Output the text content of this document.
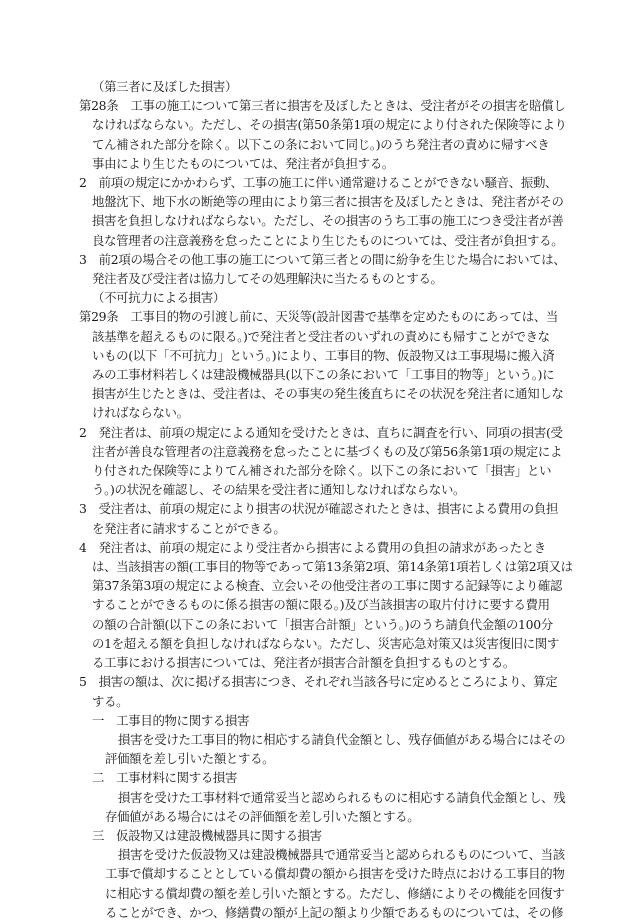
（第三者に及ぼした損害）
第28条　工事の施工について第三者に損害を及ぼしたときは、受注者がその損害を賠償し
なければならない。ただし、その損害(第50条第1項の規定により付された保険等により
てん補された部分を除く。以下この条において同じ。)のうち発注者の責めに帰すべき
事由により生じたものについては、発注者が負担する。
2　前項の規定にかかわらず、工事の施工に伴い通常避けることができない騒音、振動、
地盤沈下、地下水の断絶等の理由により第三者に損害を及ぼしたときは、発注者がその
損害を負担しなければならない。ただし、その損害のうち工事の施工につき受注者が善
良な管理者の注意義務を怠ったことにより生じたものについては、受注者が負担する。
3　前2項の場合その他工事の施工について第三者との間に紛争を生じた場合においては、
発注者及び受注者は協力してその処理解決に当たるものとする。
（不可抗力による損害）
第29条　工事目的物の引渡し前に、天災等(設計図書で基準を定めたものにあっては、当
該基準を超えるものに限る。)で発注者と受注者のいずれの責めにも帰すことができな
いもの(以下「不可抗力」という。)により、工事目的物、仮設物又は工事現場に搬入済
みの工事材料若しくは建設機械器具(以下この条において「工事目的物等」という。)に
損害が生じたときは、受注者は、その事実の発生後直ちにその状況を発注者に通知しな
ければならない。
2　発注者は、前項の規定による通知を受けたときは、直ちに調査を行い、同項の損害(受
注者が善良な管理者の注意義務を怠ったことに基づくもの及び第56条第1項の規定によ
り付された保険等によりてん補された部分を除く。以下この条において「損害」とい
う。)の状況を確認し、その結果を受注者に通知しなければならない。
3　受注者は、前項の規定により損害の状況が確認されたときは、損害による費用の負担
を発注者に請求することができる。
4　発注者は、前項の規定により受注者から損害による費用の負担の請求があったとき
は、当該損害の額(工事目的物等であって第13条第2項、第14条第1項若しくは第2項又は
第37条第3項の規定による検査、立会いその他受注者の工事に関する記録等により確認
することができるものに係る損害の額に限る。)及び当該損害の取片付けに要する費用
の額の合計額(以下この条において「損害合計額」という。)のうち請負代金額の100分
の1を超える額を負担しなければならない。ただし、災害応急対策又は災害復旧に関す
る工事における損害については、発注者が損害合計額を負担するものとする。
5　損害の額は、次に掲げる損害につき、それぞれ当該各号に定めるところにより、算定
する。
一　工事目的物に関する損害
損害を受けた工事目的物に相応する請負代金額とし、残存価値がある場合にはその
評価額を差し引いた額とする。
二　工事材料に関する損害
損害を受けた工事材料で通常妥当と認められるものに相応する請負代金額とし、残
存価値がある場合にはその評価額を差し引いた額とする。
三　仮設物又は建設機械器具に関する損害
損害を受けた仮設物又は建設機械器具で通常妥当と認められるものについて、当該
工事で償却することとしている償却費の額から損害を受けた時点における工事目的物
に相応する償却費の額を差し引いた額とする。ただし、修繕によりその機能を回復す
ることができ、かつ、修繕費の額が上記の額より少額であるものについては、その修
